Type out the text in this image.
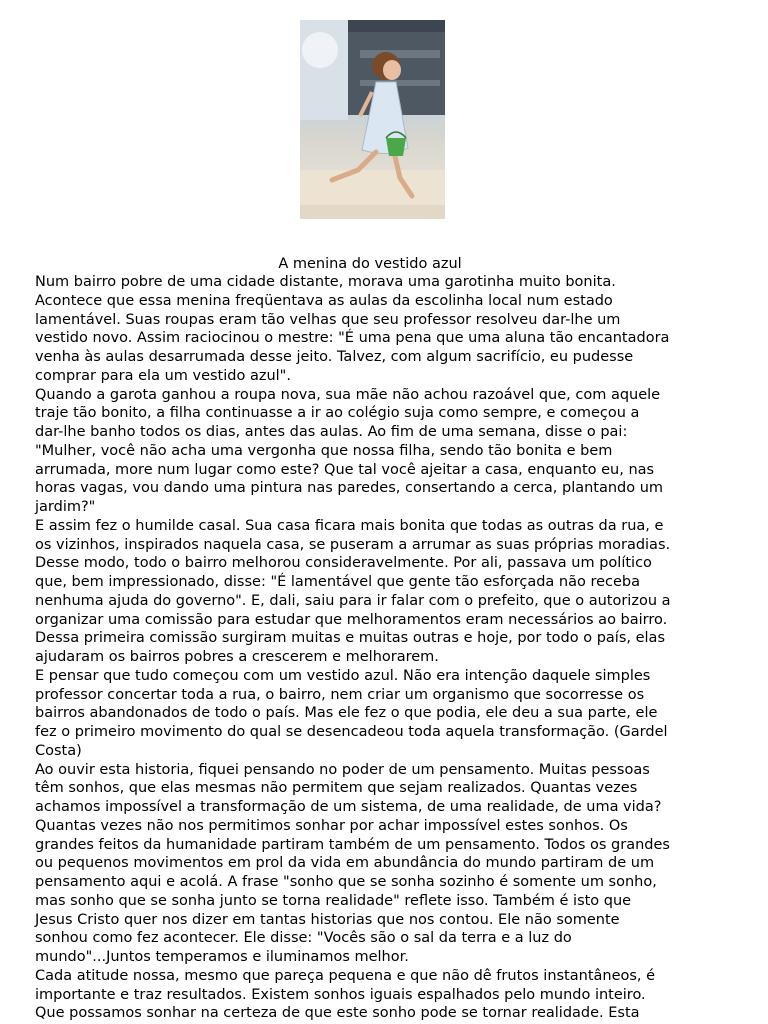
A menina do vestido azul
Num bairro pobre de uma cidade distante, morava uma garotinha muito bonita.
Acontece que essa menina freqüentava as aulas da escolinha local num estado
lamentável. Suas roupas eram tão velhas que seu professor resolveu dar-lhe um
vestido novo. Assim raciocinou o mestre: "É uma pena que uma aluna tão encantadora
venha às aulas desarrumada desse jeito. Talvez, com algum sacrifício, eu pudesse
comprar para ela um vestido azul".
Quando a garota ganhou a roupa nova, sua mãe não achou razoável que, com aquele
traje tão bonito, a filha continuasse a ir ao colégio suja como sempre, e começou a
dar-lhe banho todos os dias, antes das aulas. Ao fim de uma semana, disse o pai:
"Mulher, você não acha uma vergonha que nossa filha, sendo tão bonita e bem
arrumada, more num lugar como este? Que tal você ajeitar a casa, enquanto eu, nas
horas vagas, vou dando uma pintura nas paredes, consertando a cerca, plantando um
jardim?"
E assim fez o humilde casal. Sua casa ficara mais bonita que todas as outras da rua, e
os vizinhos, inspirados naquela casa, se puseram a arrumar as suas próprias moradias.
Desse modo, todo o bairro melhorou consideravelmente. Por ali, passava um político
que, bem impressionado, disse: "É lamentável que gente tão esforçada não receba
nenhuma ajuda do governo". E, dali, saiu para ir falar com o prefeito, que o autorizou a
organizar uma comissão para estudar que melhoramentos eram necessários ao bairro.
Dessa primeira comissão surgiram muitas e muitas outras e hoje, por todo o país, elas
ajudaram os bairros pobres a crescerem e melhorarem.
E pensar que tudo começou com um vestido azul. Não era intenção daquele simples
professor concertar toda a rua, o bairro, nem criar um organismo que socorresse os
bairros abandonados de todo o país. Mas ele fez o que podia, ele deu a sua parte, ele
fez o primeiro movimento do qual se desencadeou toda aquela transformação. (Gardel
Costa)
Ao ouvir esta historia, fiquei pensando no poder de um pensamento. Muitas pessoas
têm sonhos, que elas mesmas não permitem que sejam realizados. Quantas vezes
achamos impossível a transformação de um sistema, de uma realidade, de uma vida?
Quantas vezes não nos permitimos sonhar por achar impossível estes sonhos. Os
grandes feitos da humanidade partiram também de um pensamento. Todos os grandes
ou pequenos movimentos em prol da vida em abundância do mundo partiram de um
pensamento aqui e acolá. A frase "sonho que se sonha sozinho é somente um sonho,
mas sonho que se sonha junto se torna realidade" reflete isso. Também é isto que
Jesus Cristo quer nos dizer em tantas historias que nos contou. Ele não somente
sonhou como fez acontecer. Ele disse: "Vocês são o sal da terra e a luz do
mundo"...Juntos temperamos e iluminamos melhor.
Cada atitude nossa, mesmo que pareça pequena e que não dê frutos instantâneos, é
importante e traz resultados. Existem sonhos iguais espalhados pelo mundo inteiro.
Que possamos sonhar na certeza de que este sonho pode se tornar realidade. Esta
